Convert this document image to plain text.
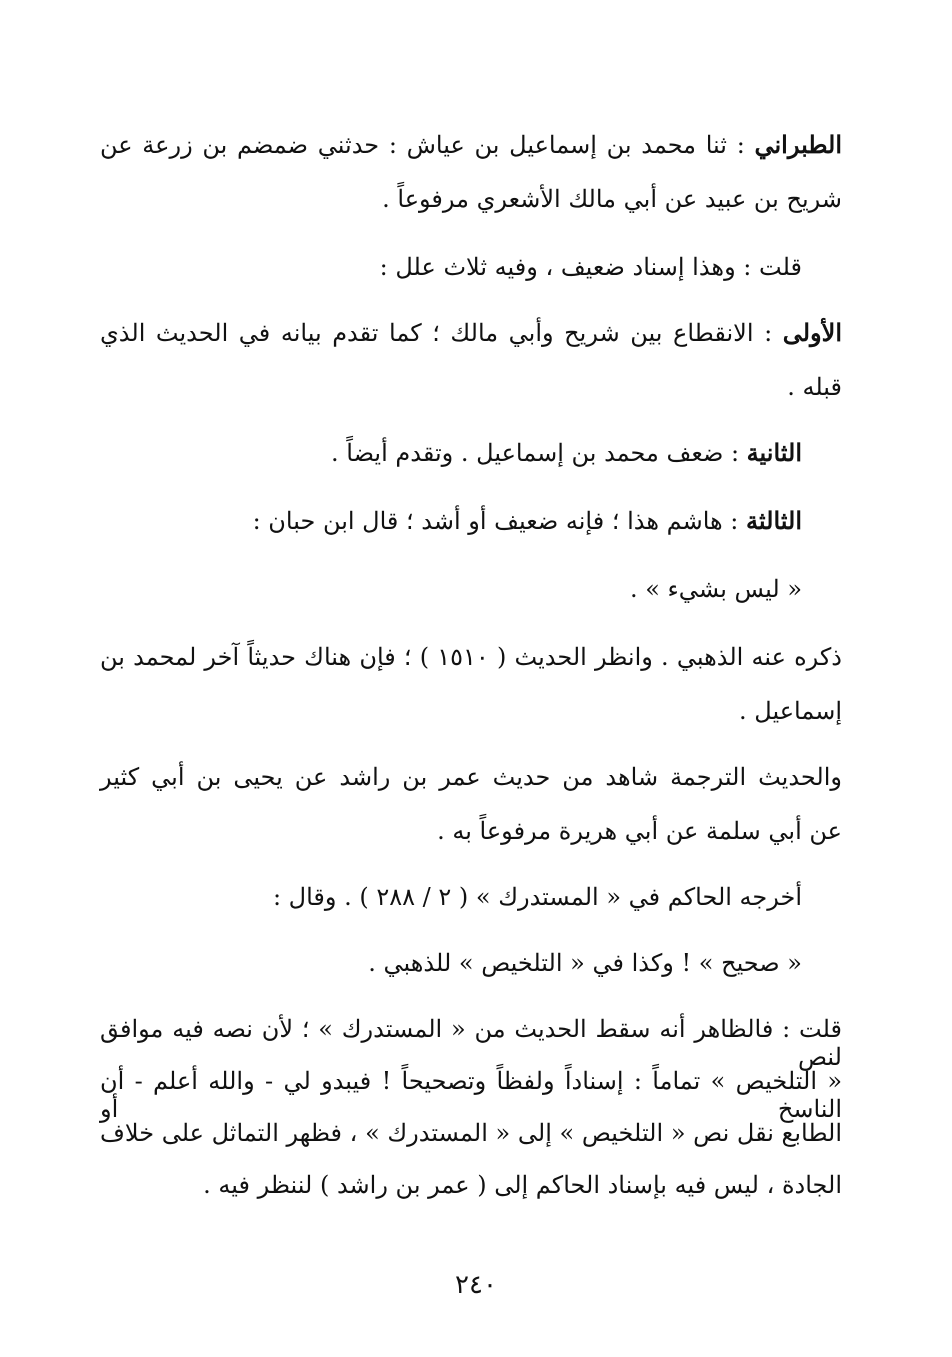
الطبراني : ثنا محمد بن إسماعيل بن عياش : حدثني ضمضم بن زرعة عن
شريح بن عبيد عن أبي مالك الأشعري مرفوعاً .
قلت : وهذا إسناد ضعيف ، وفيه ثلاث علل :
الأولى : الانقطاع بين شريح وأبي مالك ؛ كما تقدم بيانه في الحديث الذي
قبله .
الثانية : ضعف محمد بن إسماعيل . وتقدم أيضاً .
الثالثة : هاشم هذا ؛ فإنه ضعيف أو أشد ؛ قال ابن حبان :
« ليس بشيء » .
ذكره عنه الذهبي . وانظر الحديث ( ١٥١٠ ) ؛ فإن هناك حديثاً آخر لمحمد بن
إسماعيل .
والحديث الترجمة شاهد من حديث عمر بن راشد عن يحيى بن أبي كثير
عن أبي سلمة عن أبي هريرة مرفوعاً به .
أخرجه الحاكم في « المستدرك » ( ٢ / ٢٨٨ ) . وقال :
« صحيح » ! وكذا في « التلخيص » للذهبي .
قلت : فالظاهر أنه سقط الحديث من « المستدرك » ؛ لأن نصه فيه موافق لنص
« التلخيص » تماماً : إسناداً ولفظاً وتصحيحاً ! فيبدو لي - والله أعلم - أن الناسخ أو
الطابع نقل نص « التلخيص » إلى « المستدرك » ، فظهر التماثل على خلاف
الجادة ، ليس فيه بإسناد الحاكم إلى ( عمر بن راشد ) لننظر فيه .
٢٤٠
